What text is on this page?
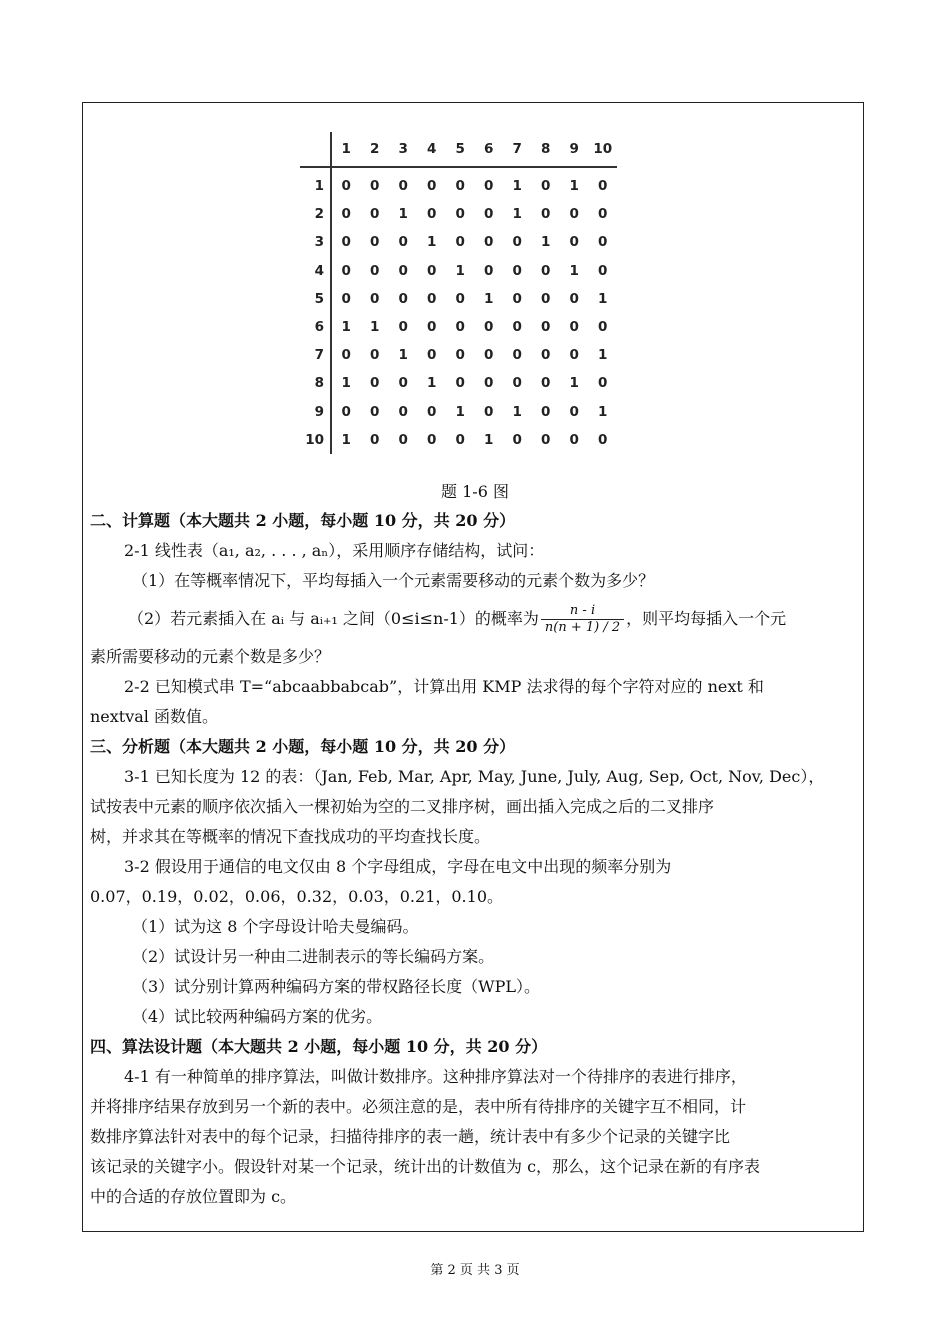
	1	2	3	4	5	6	7	8	9	10
1	0	0	0	0	0	0	1	0	1	0
2	0	0	1	0	0	0	1	0	0	0
3	0	0	0	1	0	0	0	1	0	0
4	0	0	0	0	1	0	0	0	1	0
5	0	0	0	0	0	1	0	0	0	1
6	1	1	0	0	0	0	0	0	0	0
7	0	0	1	0	0	0	0	0	0	1
8	1	0	0	1	0	0	0	0	1	0
9	0	0	0	0	1	0	1	0	0	1
10	1	0	0	0	0	1	0	0	0	0
题 1-6 图
二、计算题（本大题共 2 小题，每小题 10 分，共 20 分）
2-1 线性表（a₁, a₂, . . . , aₙ），采用顺序存储结构，试问：
（1）在等概率情况下，平均每插入一个元素需要移动的元素个数为多少？
（2）若元素插入在 aᵢ 与 aᵢ₊₁ 之间（0≤i≤n-1）的概率为 $\frac{n - i}{n(n + 1) / 2}$ ，则平均每插入一个元
素所需要移动的元素个数是多少？
2-2 已知模式串 T=“abcaabbabcab”，计算出用 KMP 法求得的每个字符对应的 next 和
nextval 函数值。
三、分析题（本大题共 2 小题，每小题 10 分，共 20 分）
3-1 已知长度为 12 的表：（Jan, Feb, Mar, Apr, May, June, July, Aug, Sep, Oct, Nov, Dec），
试按表中元素的顺序依次插入一棵初始为空的二叉排序树，画出插入完成之后的二叉排序
树，并求其在等概率的情况下查找成功的平均查找长度。
3-2 假设用于通信的电文仅由 8 个字母组成，字母在电文中出现的频率分别为
0.07，0.19，0.02，0.06，0.32，0.03，0.21，0.10。
（1）试为这 8 个字母设计哈夫曼编码。
（2）试设计另一种由二进制表示的等长编码方案。
（3）试分别计算两种编码方案的带权路径长度（WPL）。
（4）试比较两种编码方案的优劣。
四、算法设计题（本大题共 2 小题，每小题 10 分，共 20 分）
4-1 有一种简单的排序算法，叫做计数排序。这种排序算法对一个待排序的表进行排序，
并将排序结果存放到另一个新的表中。必须注意的是，表中所有待排序的关键字互不相同，计
数排序算法针对表中的每个记录，扫描待排序的表一趟，统计表中有多少个记录的关键字比
该记录的关键字小。假设针对某一个记录，统计出的计数值为 c，那么，这个记录在新的有序表
中的合适的存放位置即为 c。
第 2 页 共 3 页
